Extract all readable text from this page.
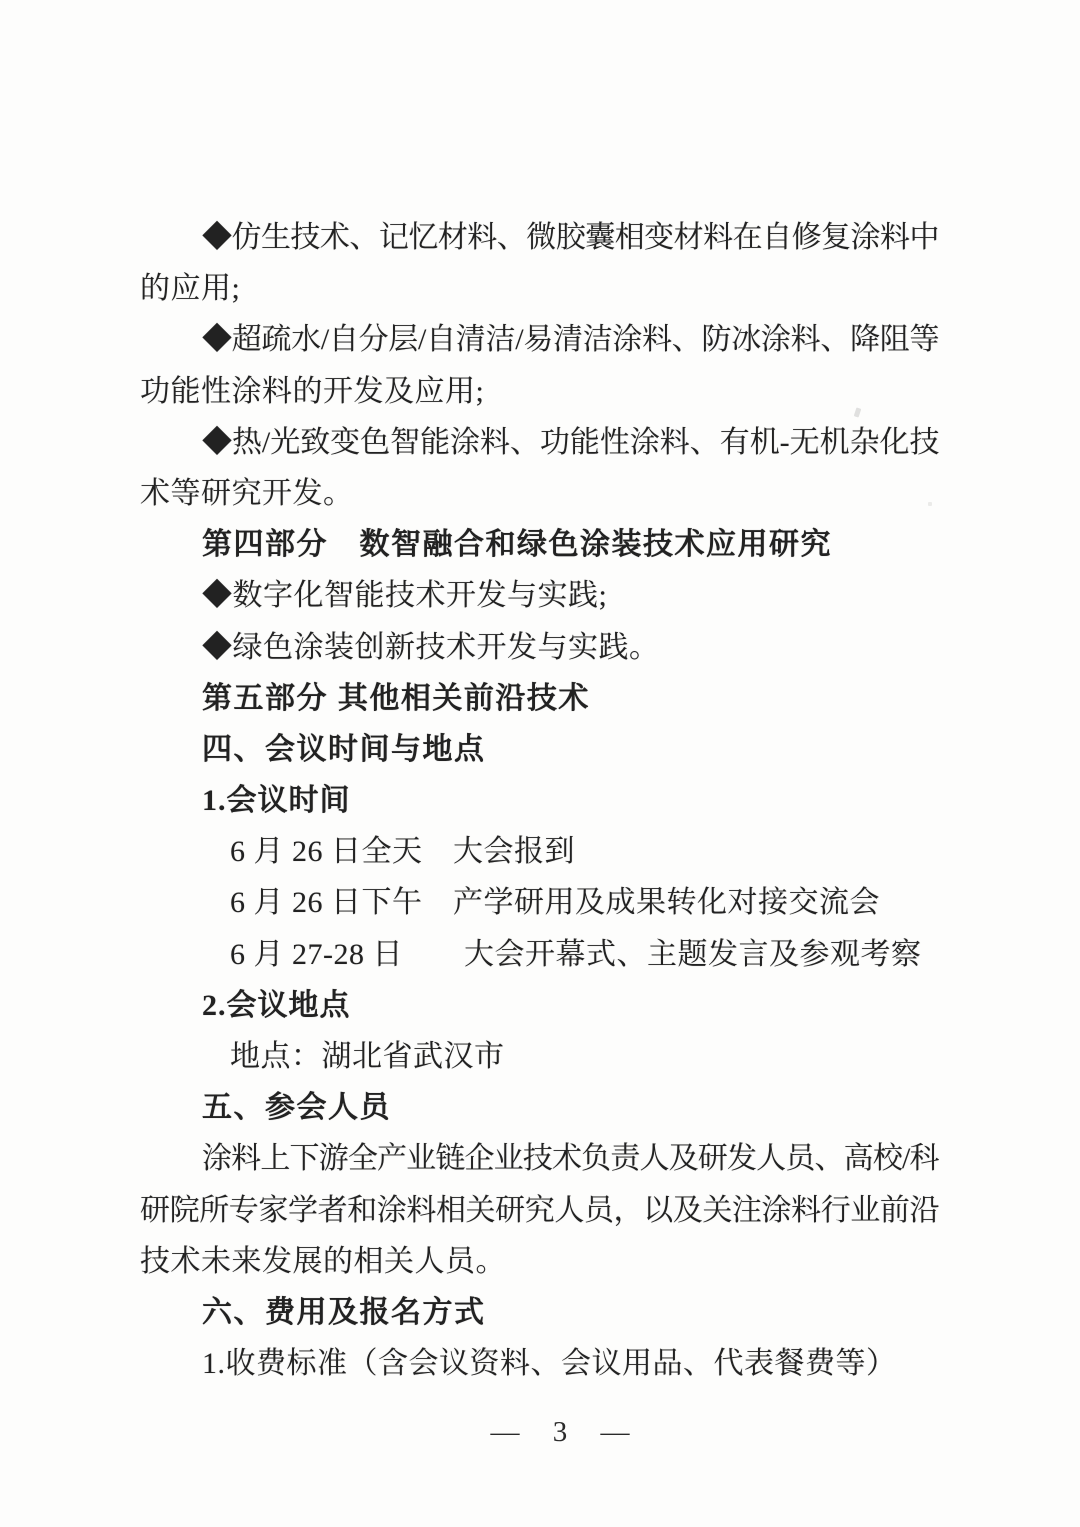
◆仿生技术、记忆材料、微胶囊相变材料在自修复涂料中
的应用;
◆超疏水/自分层/自清洁/易清洁涂料、防冰涂料、降阻等
功能性涂料的开发及应用;
◆热/光致变色智能涂料、功能性涂料、有机-无机杂化技
术等研究开发。
第四部分　数智融合和绿色涂装技术应用研究
◆数字化智能技术开发与实践;
◆绿色涂装创新技术开发与实践。
第五部分 其他相关前沿技术
四、会议时间与地点
1.会议时间
6 月 26 日全天　大会报到
6 月 26 日下午　产学研用及成果转化对接交流会
6 月 27-28 日　　大会开幕式、主题发言及参观考察
2.会议地点
地点：湖北省武汉市
五、参会人员
涂料上下游全产业链企业技术负责人及研发人员、高校/科
研院所专家学者和涂料相关研究人员，以及关注涂料行业前沿
技术未来发展的相关人员。
六、费用及报名方式
1.收费标准（含会议资料、会议用品、代表餐费等）
— 3 —
